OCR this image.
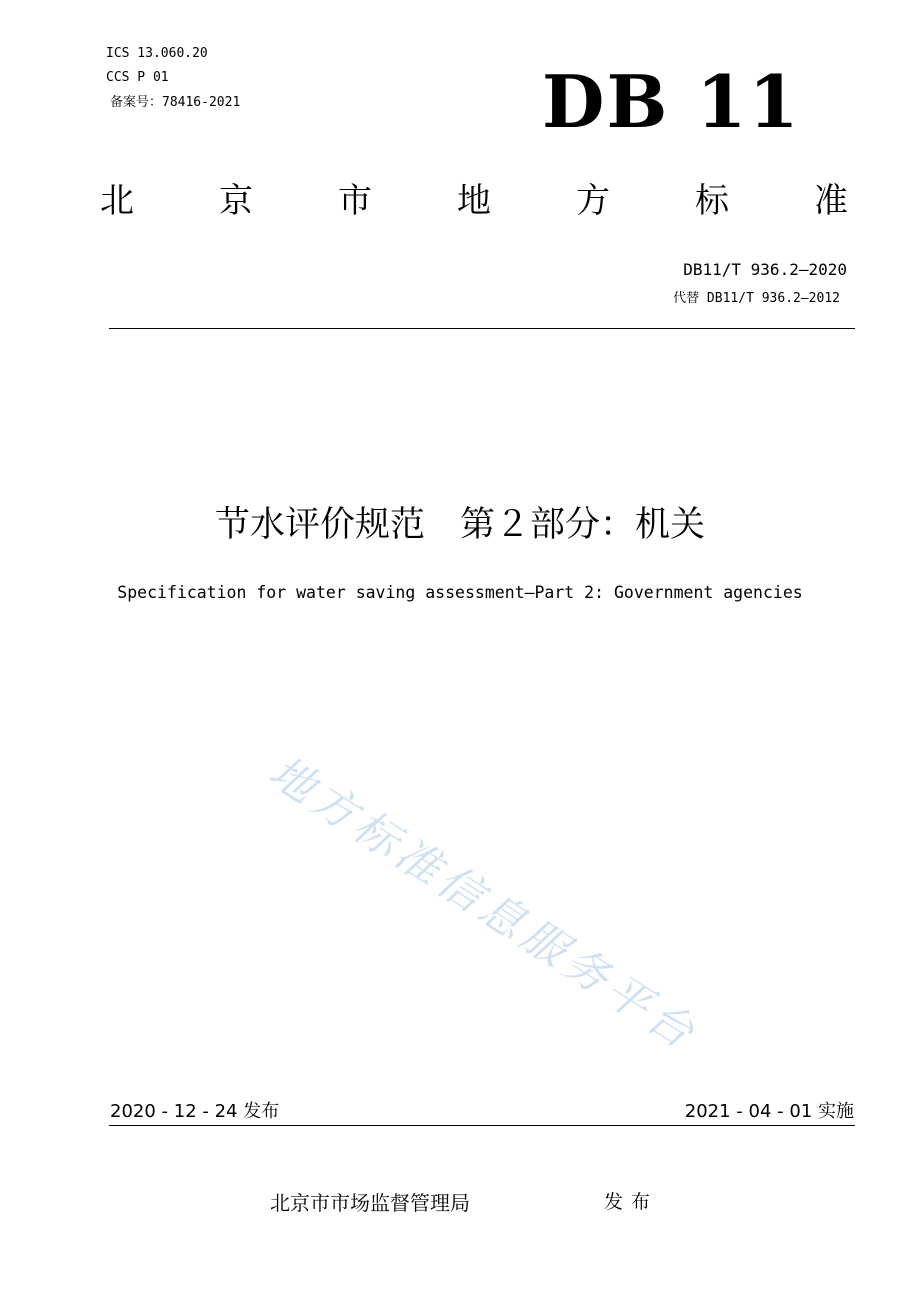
ICS 13.060.20
CCS P 01
备案号：78416-2021	DB 11
北	京	市	地	方	标	准
DB11/T 936.2—2020
代替 DB11/T 936.2—2012
节水评价规范　第２部分：机关
Specification for water saving assessment—Part 2: Government agencies
地方标准信息服务平台
2020 - 12 - 24 发布	2021 - 04 - 01 实施
北京市市场监督管理局	发布
